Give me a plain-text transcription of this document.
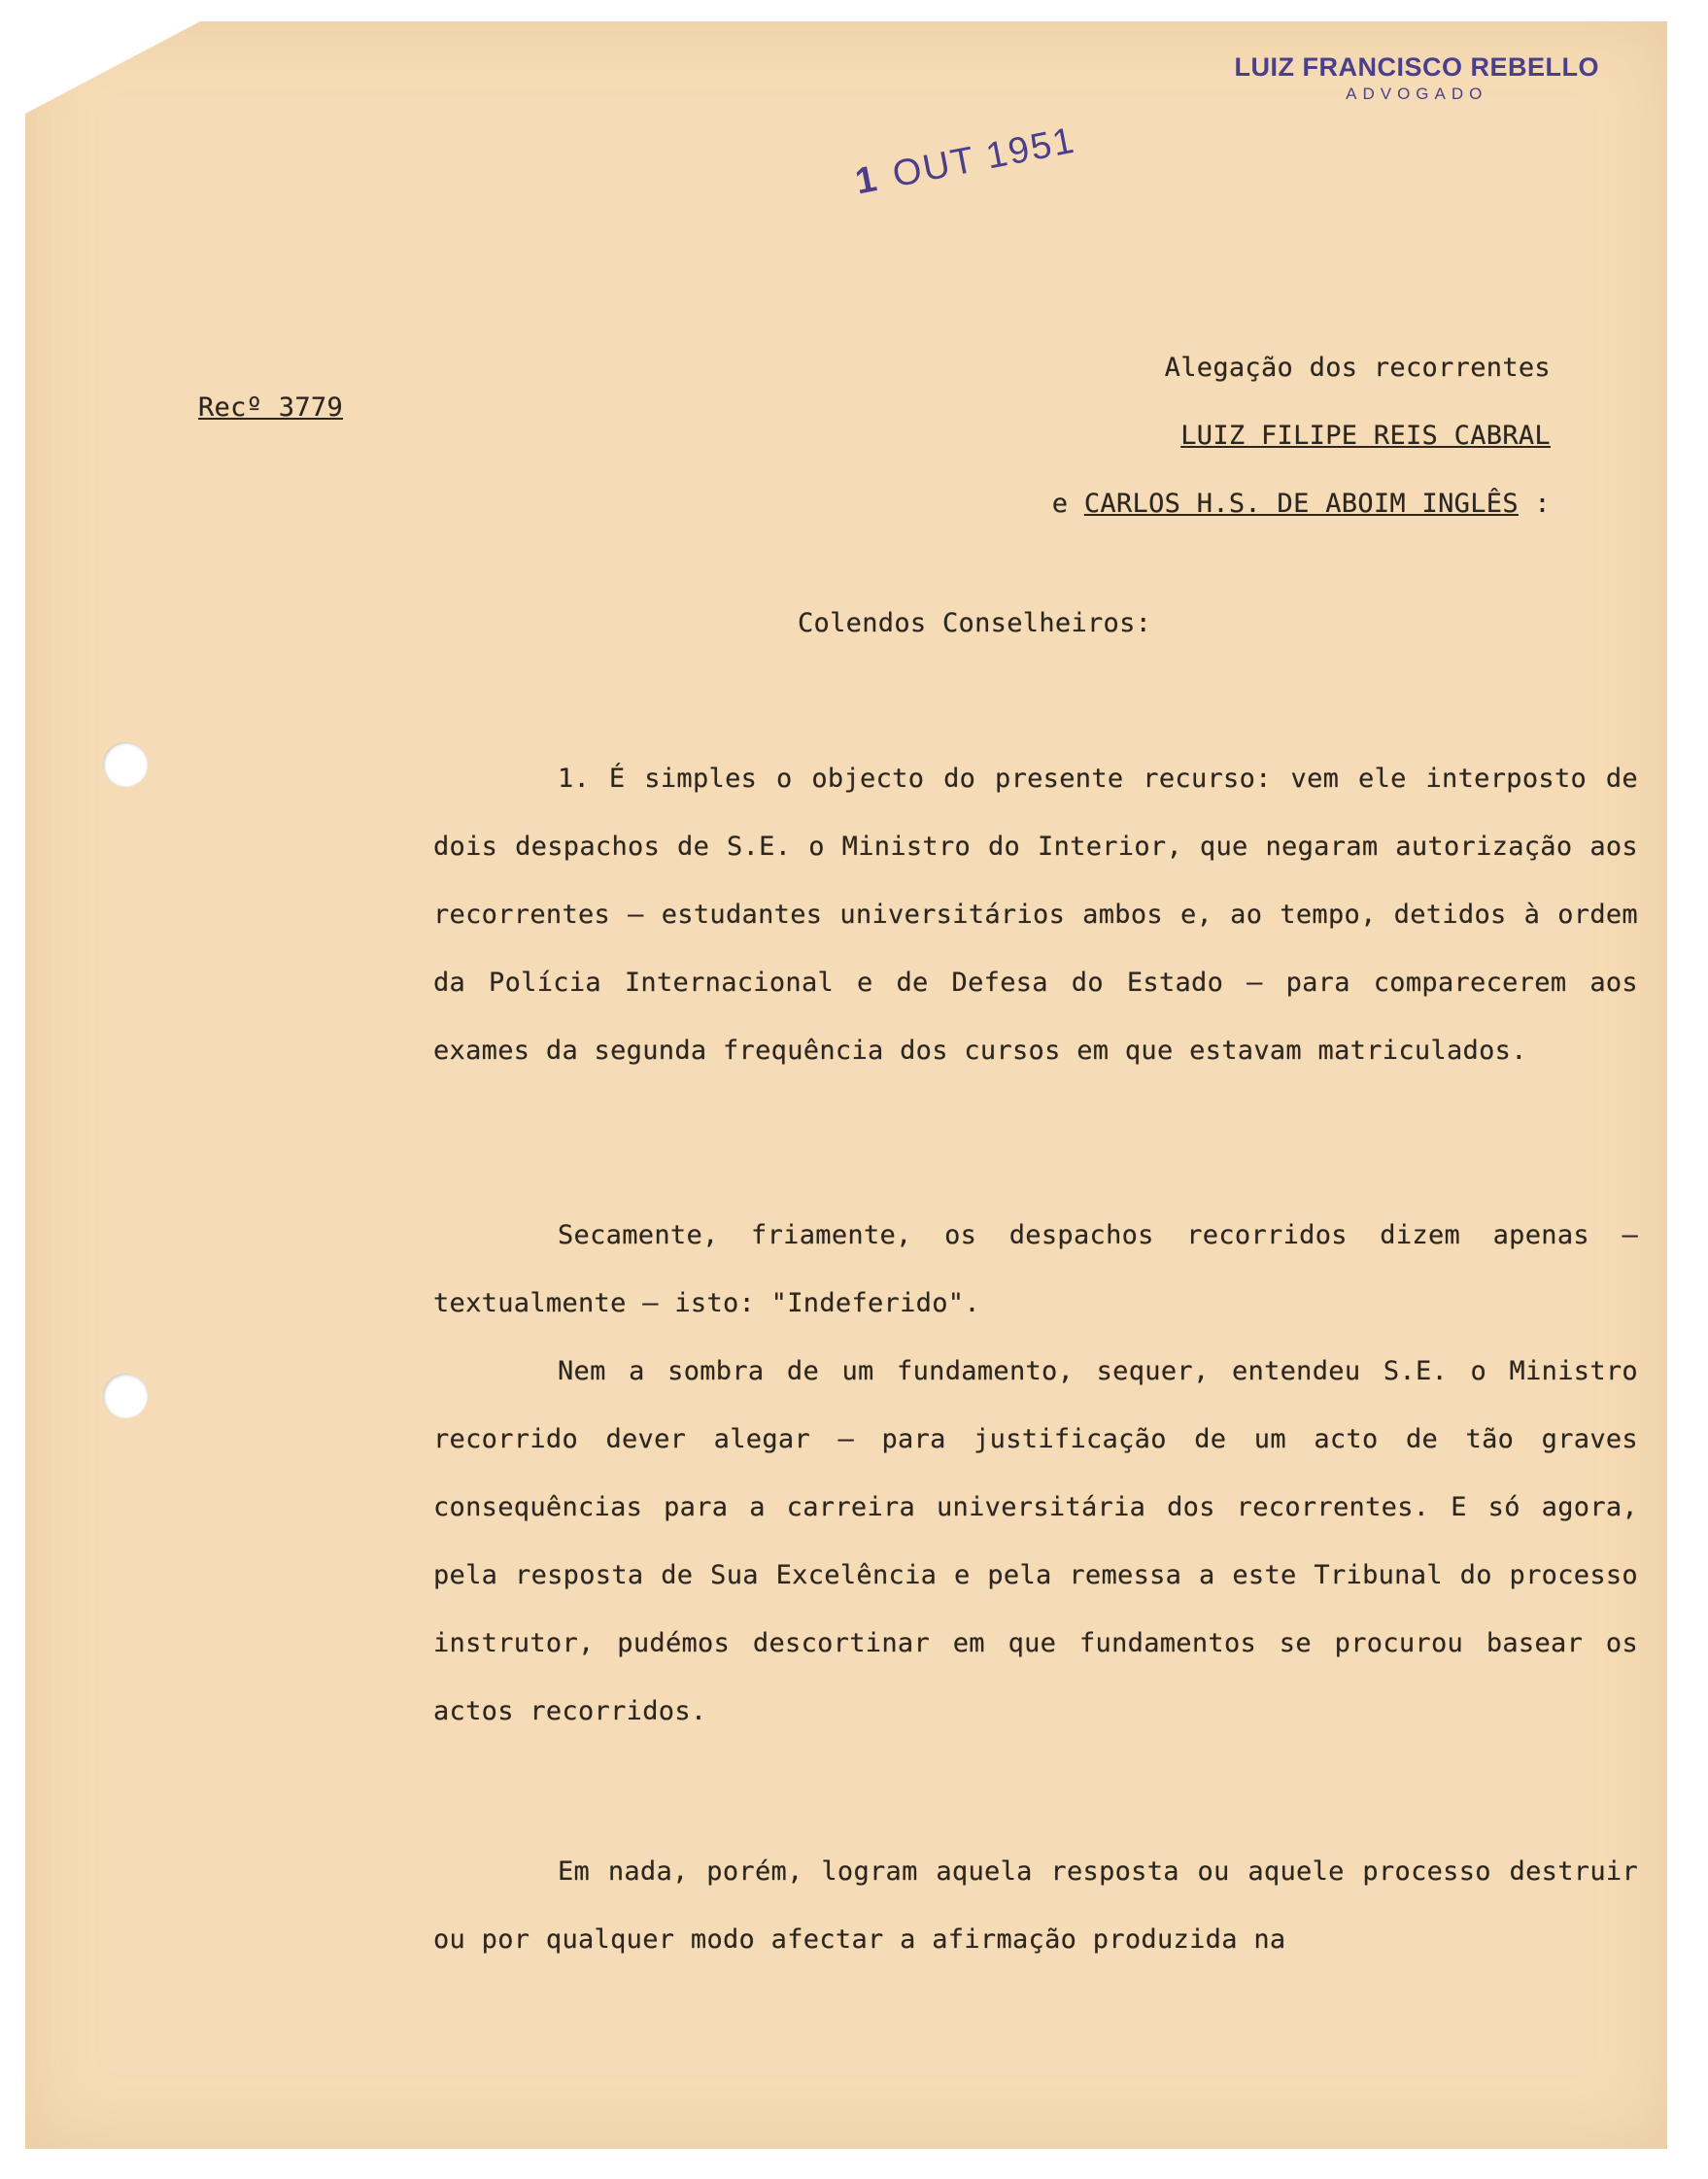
LUIZ FRANCISCO REBELLO
ADVOGADO
1 OUT 1951
Recº 3779
Alegação dos recorrentes
LUIZ FILIPE REIS CABRAL
e CARLOS H.S. DE ABOIM INGLÊS :
Colendos Conselheiros:
1. É simples o objecto do presente recurso: vem ele interposto de dois despachos de S.E. o Ministro do Interior, que negaram autorização aos recorrentes — estudantes universitários ambos e, ao tempo, detidos à ordem da Polícia Internacional e de Defesa do Estado — para comparecerem aos exames da segunda frequência dos cursos em que estavam matriculados.
Secamente, friamente, os despachos recorridos dizem apenas — textualmente — isto: "Indeferido".
Nem a sombra de um fundamento, sequer, entendeu S.E. o Ministro recorrido dever alegar — para justificação de um acto de tão graves consequências para a carreira universitária dos recorrentes. E só agora, pela resposta de Sua Excelência e pela remessa a este Tribunal do processo instrutor, pudémos descortinar em que fundamentos se procurou basear os actos recorridos.
Em nada, porém, logram aquela resposta ou aquele processo destruir ou por qualquer modo afectar a afirmação produzida na
